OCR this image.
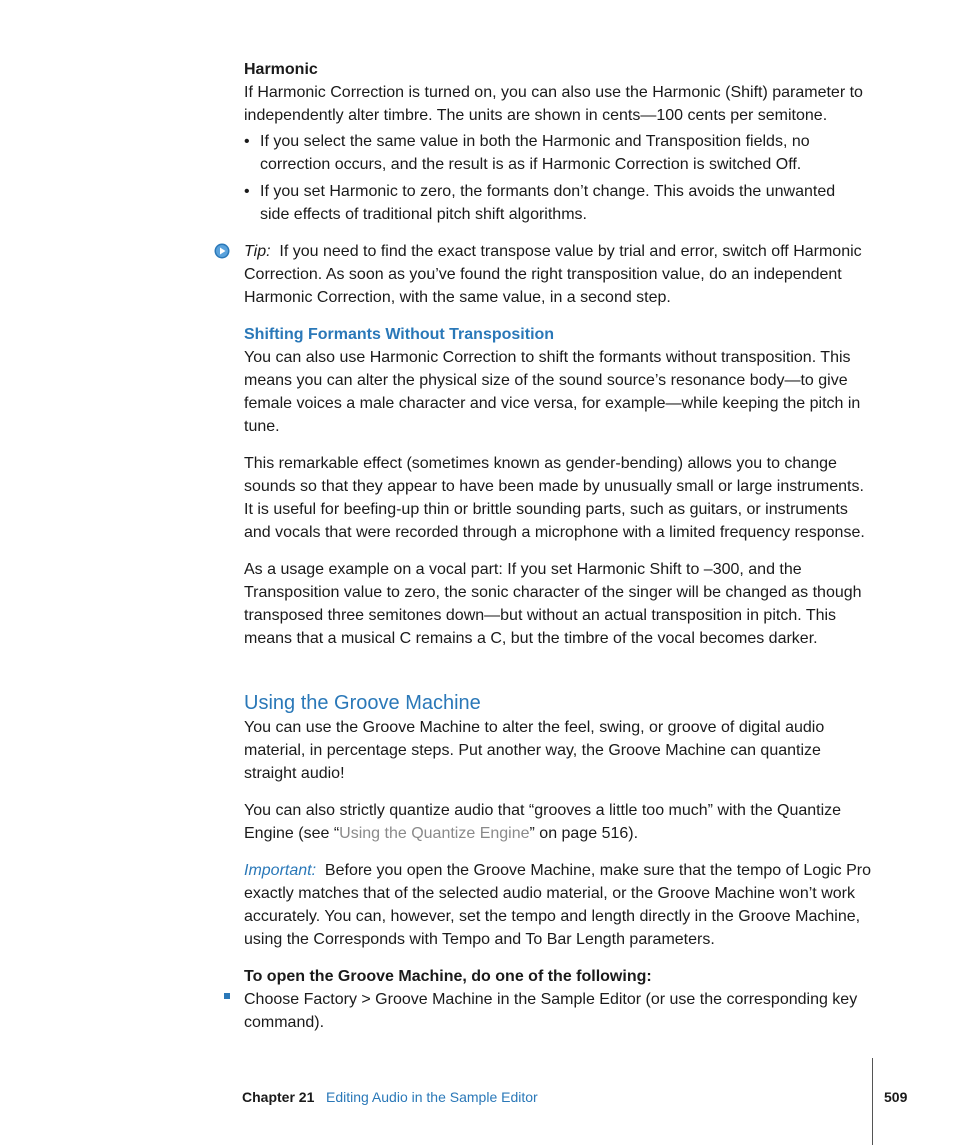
Harmonic

If Harmonic Correction is turned on, you can also use the Harmonic (Shift) parameter to independently alter timbre. The units are shown in cents—100 cents per semitone.

• If you select the same value in both the Harmonic and Transposition fields, no correction occurs, and the result is as if Harmonic Correction is switched Off.
• If you set Harmonic to zero, the formants don’t change. This avoids the unwanted side effects of traditional pitch shift algorithms.

Tip: If you need to find the exact transpose value by trial and error, switch off Harmonic Correction. As soon as you’ve found the right transposition value, do an independent Harmonic Correction, with the same value, in a second step.

Shifting Formants Without Transposition

You can also use Harmonic Correction to shift the formants without transposition. This means you can alter the physical size of the sound source’s resonance body—to give female voices a male character and vice versa, for example—while keeping the pitch in tune.

This remarkable effect (sometimes known as gender-bending) allows you to change sounds so that they appear to have been made by unusually small or large instruments. It is useful for beefing-up thin or brittle sounding parts, such as guitars, or instruments and vocals that were recorded through a microphone with a limited frequency response.

As a usage example on a vocal part: If you set Harmonic Shift to –300, and the Transposition value to zero, the sonic character of the singer will be changed as though transposed three semitones down—but without an actual transposition in pitch. This means that a musical C remains a C, but the timbre of the vocal becomes darker.

Using the Groove Machine

You can use the Groove Machine to alter the feel, swing, or groove of digital audio material, in percentage steps. Put another way, the Groove Machine can quantize straight audio!

You can also strictly quantize audio that “grooves a little too much” with the Quantize Engine (see “Using the Quantize Engine” on page 516).

Important: Before you open the Groove Machine, make sure that the tempo of Logic Pro exactly matches that of the selected audio material, or the Groove Machine won’t work accurately. You can, however, set the tempo and length directly in the Groove Machine, using the Corresponds with Tempo and To Bar Length parameters.

To open the Groove Machine, do one of the following:

Choose Factory > Groove Machine in the Sample Editor (or use the corresponding key command).

Chapter 21 Editing Audio in the Sample Editor	509
